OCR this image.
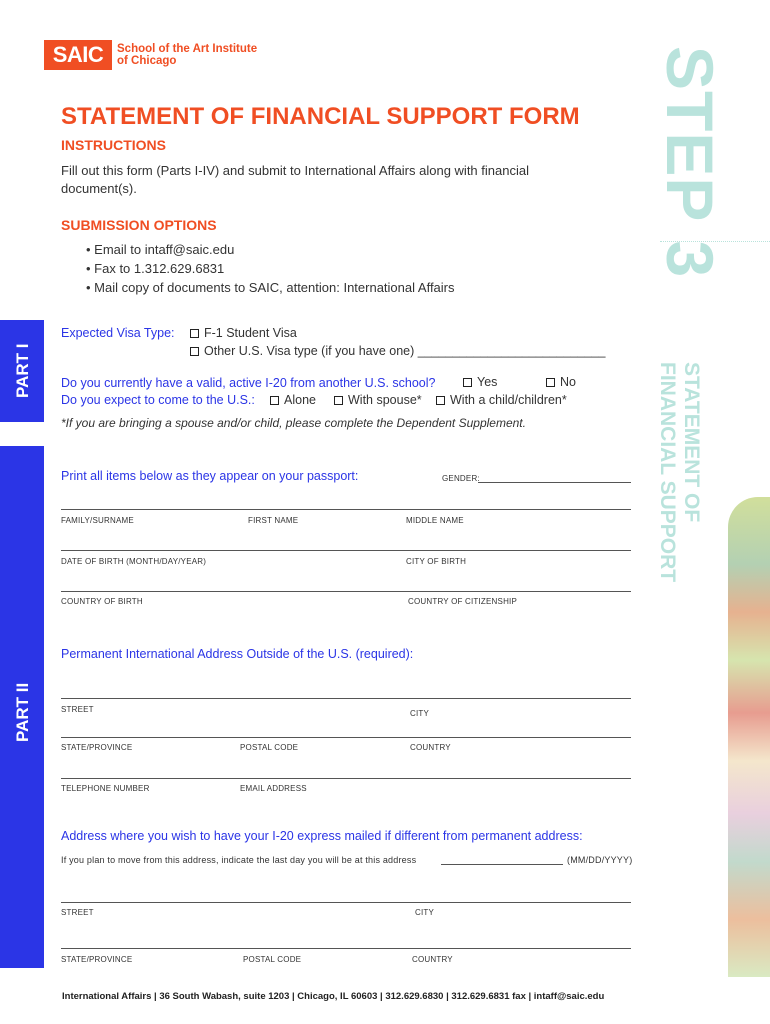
SAIC	School of the Art Institute
of Chicago	STEP 3
STATEMENT OF
FINANCIAL SUPPORT
PART I
PART II
STATEMENT OF FINANCIAL SUPPORT FORM
INSTRUCTIONS
Fill out this form (Parts I-IV) and submit to International Affairs along with financial
document(s).
SUBMISSION OPTIONS
• Email to intaff@saic.edu
• Fax to 1.312.629.6831
• Mail copy of documents to SAIC, attention: International Affairs
Expected Visa Type:	F-1 Student Visa
Other U.S. Visa type (if you have one) ___________________________
Do you currently have a valid, active I-20 from another U.S. school?	Yes	No
Do you expect to come to the U.S.:	Alone	With spouse*	With a child/children*
*If you are bringing a spouse and/or child, please complete the Dependent Supplement.
Print all items below as they appear on your passport:	GENDER:
FAMILY/SURNAME	FIRST NAME	MIDDLE NAME
DATE OF BIRTH (MONTH/DAY/YEAR)	CITY OF BIRTH
COUNTRY OF BIRTH	COUNTRY OF CITIZENSHIP
Permanent International Address Outside of the U.S. (required):
STREET	CITY
STATE/PROVINCE	POSTAL CODE	COUNTRY
TELEPHONE NUMBER	EMAIL ADDRESS
Address where you wish to have your I-20 express mailed if different from permanent address:
If you plan to move from this address, indicate the last day you will be at this address	(MM/DD/YYYY)
STREET	CITY
STATE/PROVINCE	POSTAL CODE	COUNTRY
International Affairs | 36 South Wabash, suite 1203 | Chicago, IL 60603 | 312.629.6830 | 312.629.6831 fax | intaff@saic.edu
